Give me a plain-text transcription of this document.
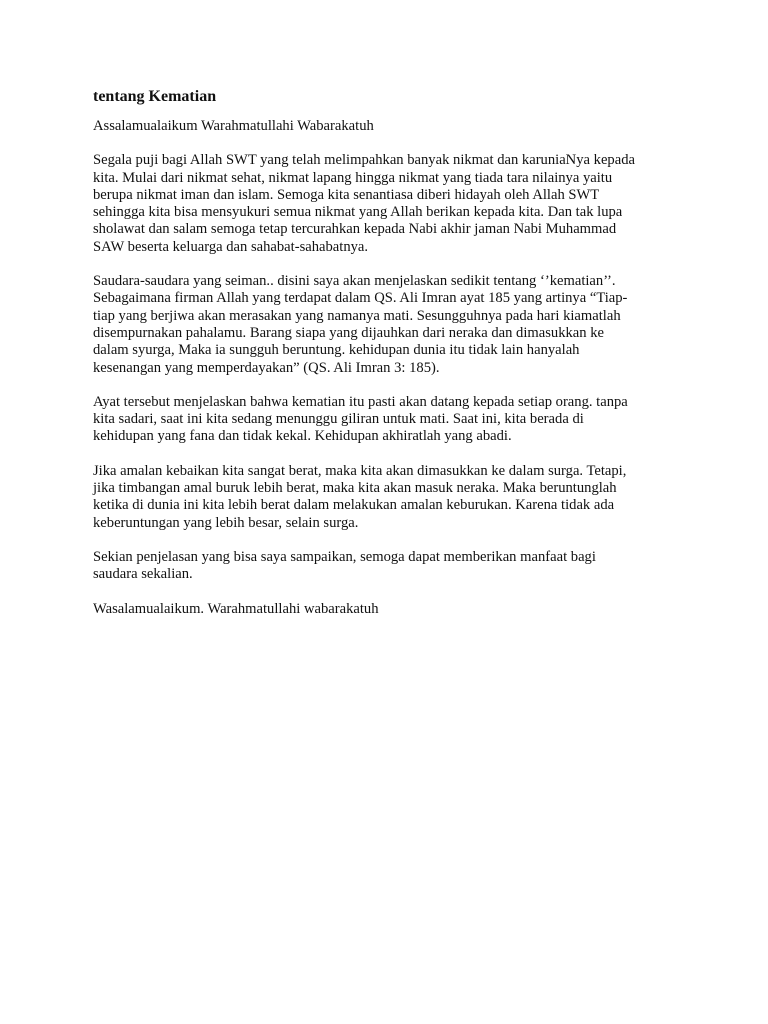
tentang Kematian
Assalamualaikum Warahmatullahi Wabarakatuh
Segala puji bagi Allah SWT yang telah melimpahkan banyak nikmat dan karuniaNya kepada
kita. Mulai dari nikmat sehat, nikmat lapang hingga nikmat yang tiada tara nilainya yaitu
berupa nikmat iman dan islam. Semoga kita senantiasa diberi hidayah oleh Allah SWT
sehingga kita bisa mensyukuri semua nikmat yang Allah berikan kepada kita. Dan tak lupa
sholawat dan salam semoga tetap tercurahkan kepada Nabi akhir jaman Nabi Muhammad
SAW beserta keluarga dan sahabat-sahabatnya.
Saudara-saudara yang seiman.. disini saya akan menjelaskan sedikit tentang ‘’kematian’’.
Sebagaimana firman Allah yang terdapat dalam QS. Ali Imran ayat 185 yang artinya “Tiap-
tiap yang berjiwa akan merasakan yang namanya mati. Sesungguhnya pada hari kiamatlah
disempurnakan pahalamu. Barang siapa yang dijauhkan dari neraka dan dimasukkan ke
dalam syurga, Maka ia sungguh beruntung. kehidupan dunia itu tidak lain hanyalah
kesenangan yang memperdayakan” (QS. Ali Imran 3: 185).
Ayat tersebut menjelaskan bahwa kematian itu pasti akan datang kepada setiap orang. tanpa
kita sadari, saat ini kita sedang menunggu giliran untuk mati. Saat ini, kita berada di
kehidupan yang fana dan tidak kekal. Kehidupan akhiratlah yang abadi.
Jika amalan kebaikan kita sangat berat, maka kita akan dimasukkan ke dalam surga. Tetapi,
jika timbangan amal buruk lebih berat, maka kita akan masuk neraka. Maka beruntunglah
ketika di dunia ini kita lebih berat dalam melakukan amalan keburukan. Karena tidak ada
keberuntungan yang lebih besar, selain surga.
Sekian penjelasan yang bisa saya sampaikan, semoga dapat memberikan manfaat bagi
saudara sekalian.
Wasalamualaikum. Warahmatullahi wabarakatuh
